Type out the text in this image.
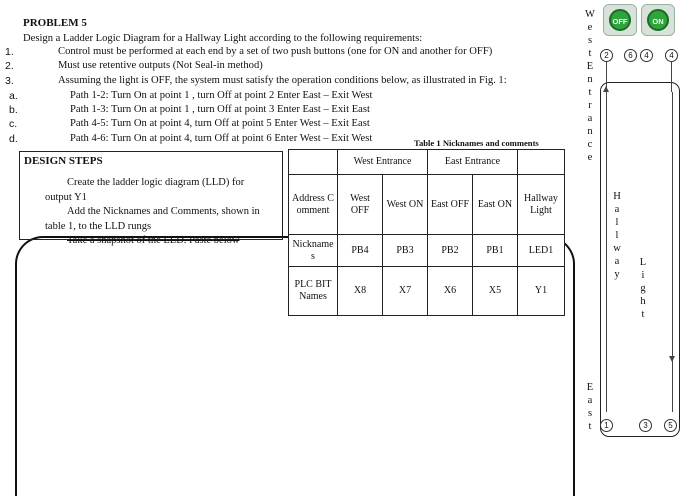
PROBLEM 5
Design a Ladder Logic Diagram for a Hallway Light according to the following requirements:
1.	Control must be performed at each end by a set of two push buttons (one for ON and another for OFF)
2.	Must use retentive outputs (Not Seal-in method)
3.	Assuming the light is OFF, the system must satisfy the operation conditions below, as illustrated in Fig. 1:
a.	Path 1-2: Turn On at point 1 , turn Off at point 2 Enter East – Exit West
b.	Path 1-3: Turn On at point 1 , turn Off at point 3 Enter East – Exit East
c.	Path 4-5: Turn On at point 4, turn Off at point 5 Enter West – Exit East
d.	Path 4-6: Turn On at point 4, turn Off at point 6 Enter West – Exit West
DESIGN STEPS

Create the ladder logic diagram (LLD) for output Y1

Add the Nicknames and Comments, shown in table 1, to the LLD rungs

Take a snapshot of the LLD. Paste below

Table 1 Nicknames and comments
	West Entrance		East Entrance		
Address Comment	West OFF	West ON	East OFF	East ON	Hallway Light
Nicknames	PB4	PB3	PB2	PB1	LED1
PLC BIT Names	X8	X7	X6	X5	Y1
W
e
s
t
E
n
t
r
a
n
c
e
E
a
s
t
OFF	ON
2	6	4	4
H
a
l
l
w
a
y
L
i
g
h
t
1	3	5
